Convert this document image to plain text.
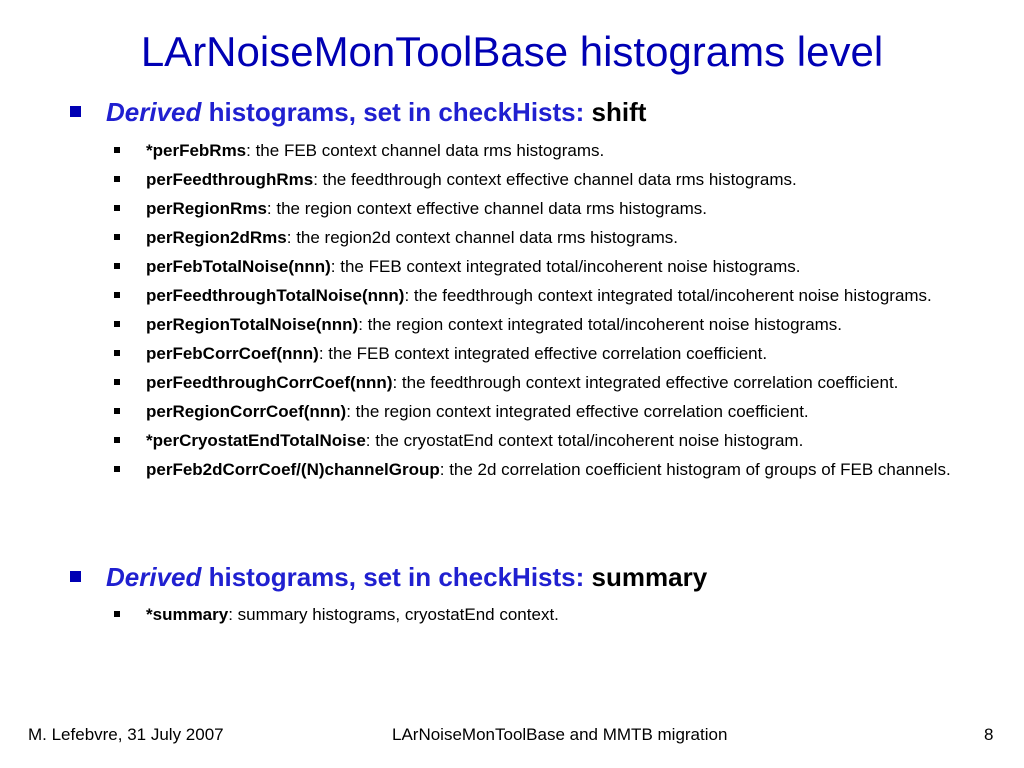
LArNoiseMonToolBase histograms level
Derived histograms, set in checkHists: shift
*perFebRms: the FEB context channel data rms histograms.
perFeedthroughRms: the feedthrough context effective channel data rms histograms.
perRegionRms: the region context effective channel data rms histograms.
perRegion2dRms: the region2d context channel data rms histograms.
perFebTotalNoise(nnn): the FEB context integrated total/incoherent noise histograms.
perFeedthroughTotalNoise(nnn): the feedthrough context integrated total/incoherent noise histograms.
perRegionTotalNoise(nnn): the region context integrated total/incoherent noise histograms.
perFebCorrCoef(nnn): the FEB context integrated effective correlation coefficient.
perFeedthroughCorrCoef(nnn): the feedthrough context integrated effective correlation coefficient.
perRegionCorrCoef(nnn): the region context integrated effective correlation coefficient.
*perCryostatEndTotalNoise: the cryostatEnd context total/incoherent noise histogram.
perFeb2dCorrCoef/(N)channelGroup: the 2d correlation coefficient histogram of groups of FEB channels.
Derived histograms, set in checkHists: summary
*summary: summary histograms, cryostatEnd context.
M. Lefebvre, 31 July 2007	LArNoiseMonToolBase and MMTB migration	8
